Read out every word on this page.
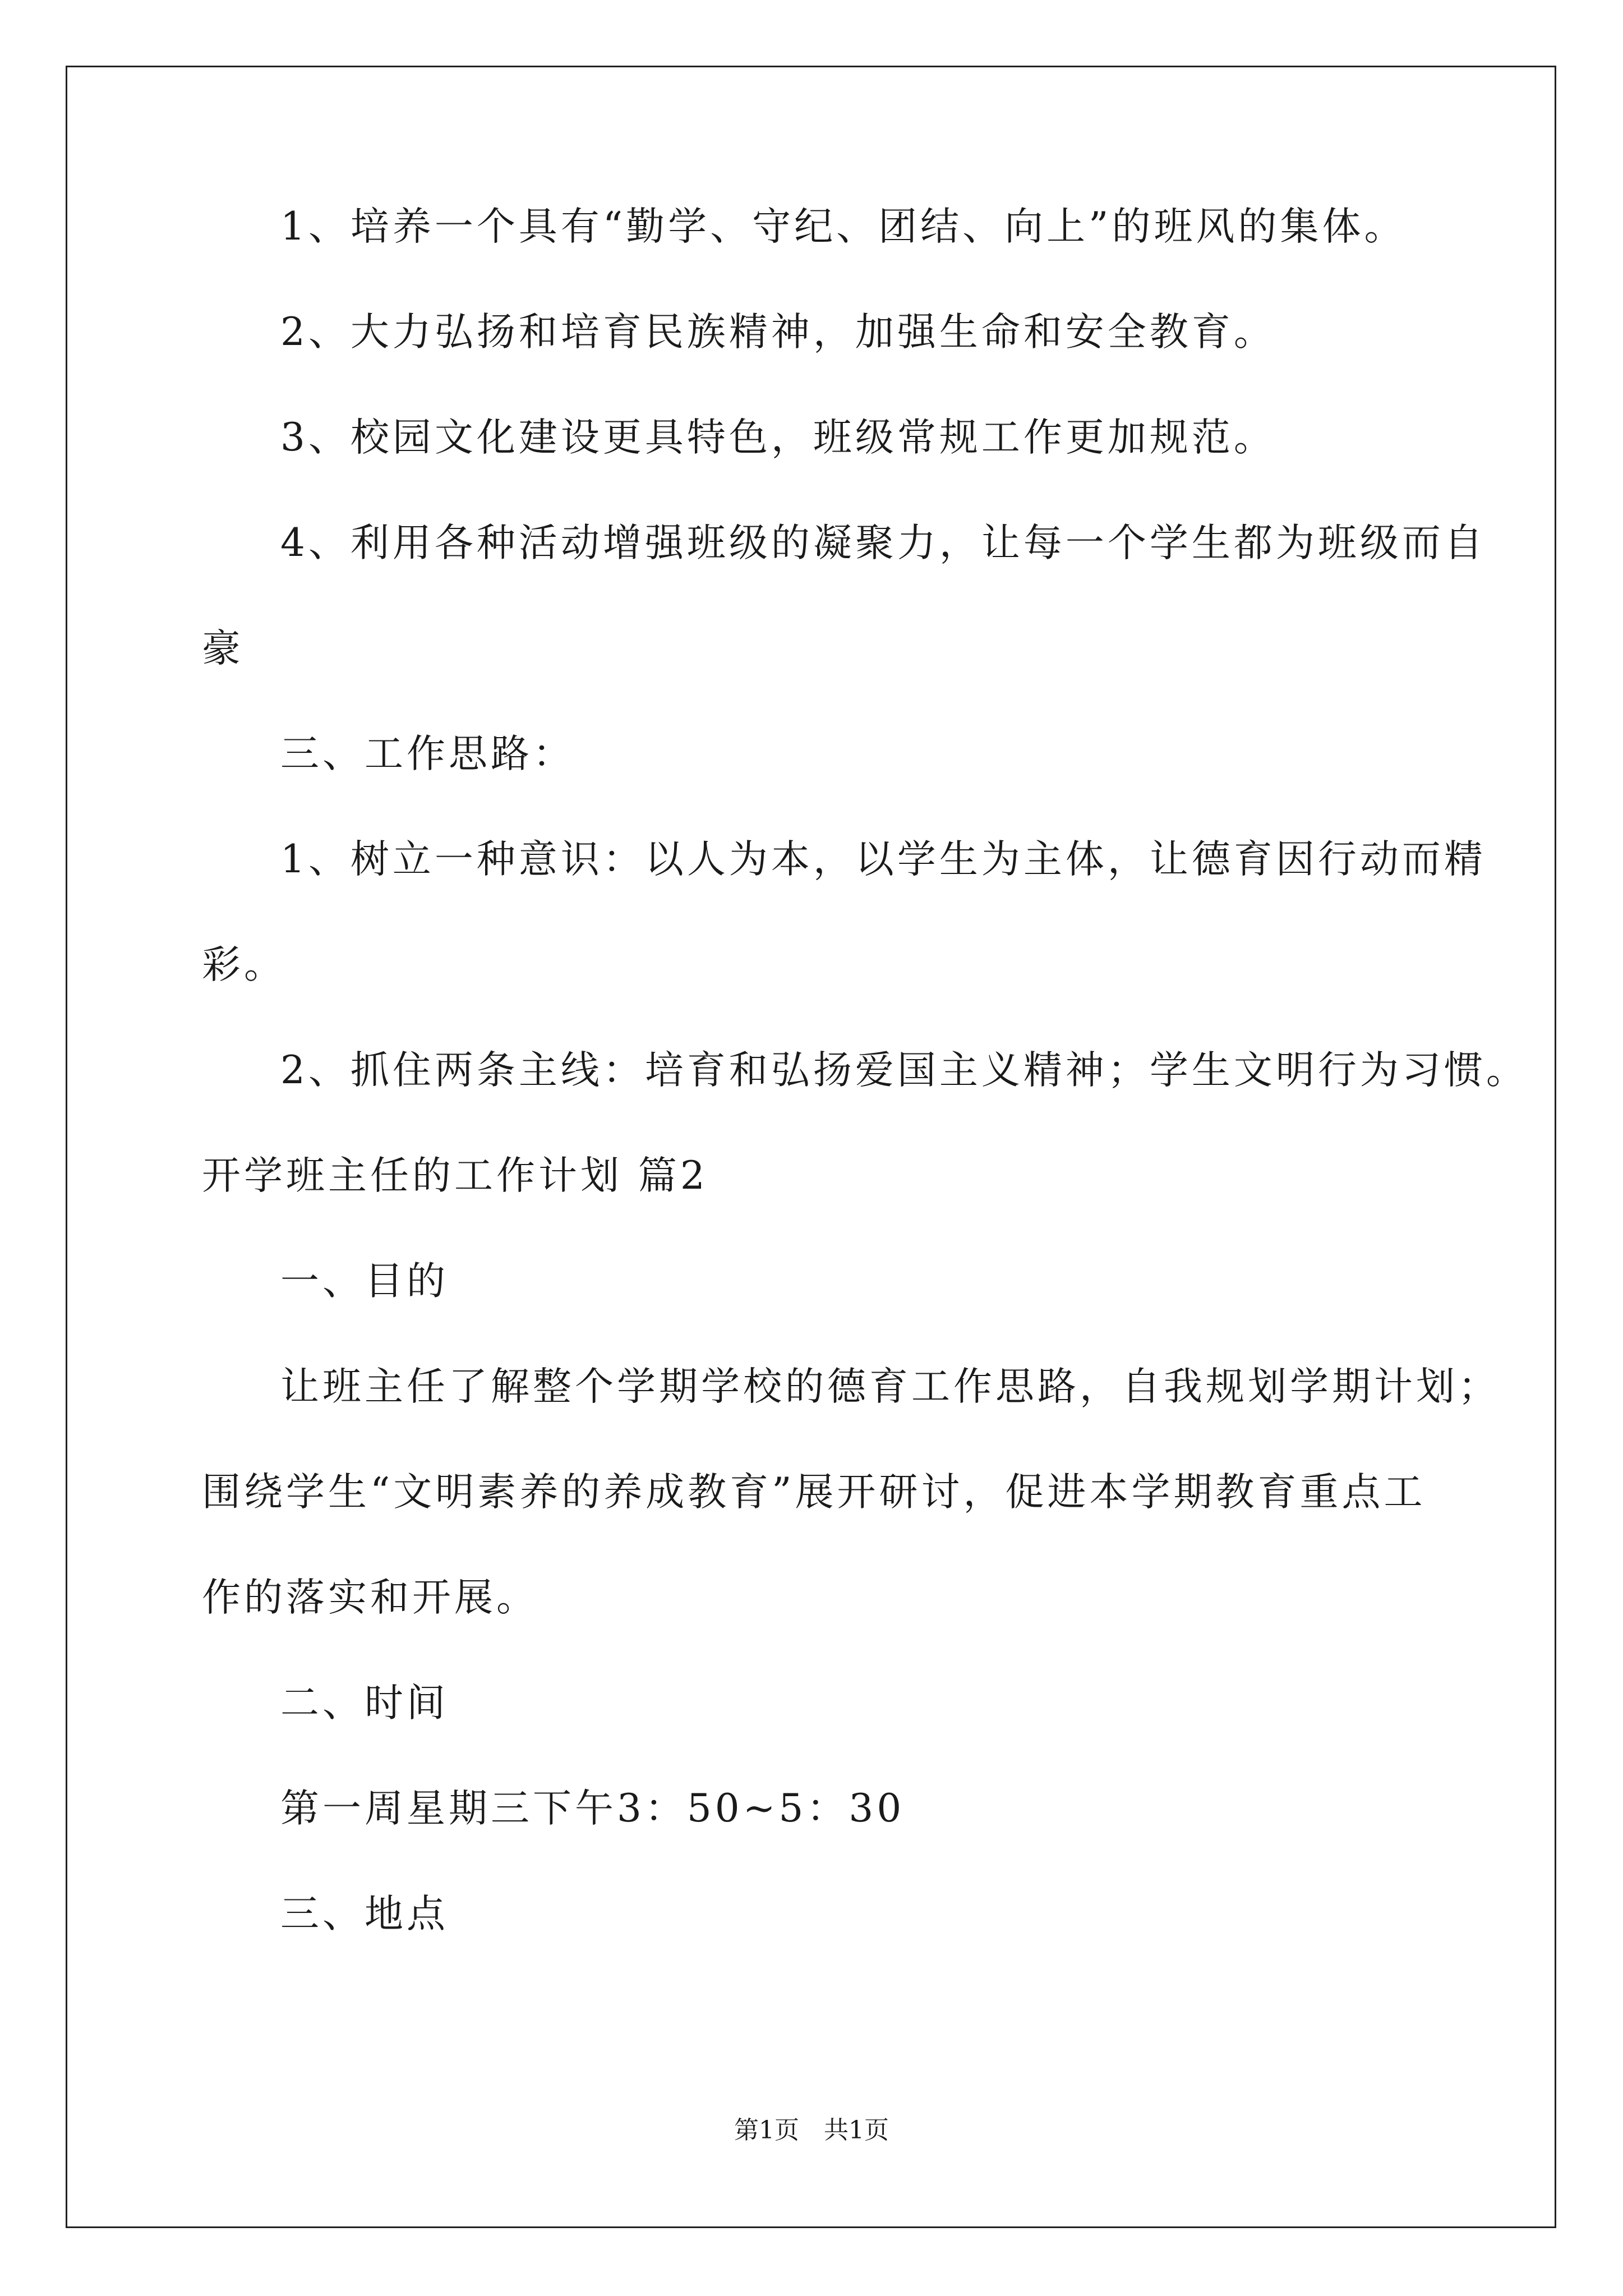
1、培养一个具有“勤学、守纪、团结、向上”的班风的集体。
2、大力弘扬和培育民族精神，加强生命和安全教育。
3、校园文化建设更具特色，班级常规工作更加规范。
4、利用各种活动增强班级的凝聚力，让每一个学生都为班级而自
豪
三、工作思路：
1、树立一种意识：以人为本，以学生为主体，让德育因行动而精
彩。
2、抓住两条主线：培育和弘扬爱国主义精神；学生文明行为习惯。
开学班主任的工作计划 篇2
一、目的
让班主任了解整个学期学校的德育工作思路，自我规划学期计划；
围绕学生“文明素养的养成教育”展开研讨，促进本学期教育重点工
作的落实和开展。
二、时间
第一周星期三下午3：50~5：30
三、地点
第1页　共1页
